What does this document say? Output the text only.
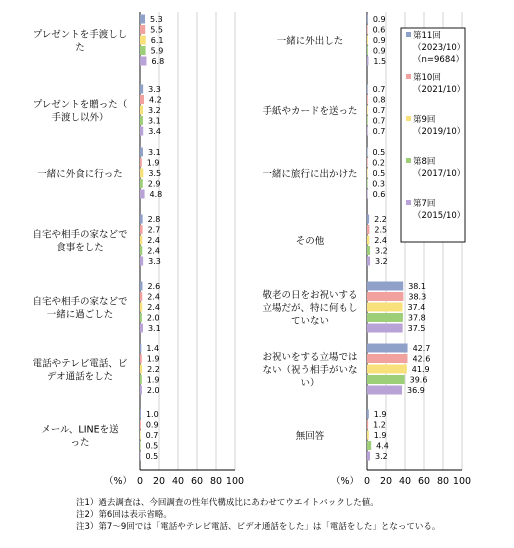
0 20 40 60 80 100
（%）
プレゼントを手渡しし
た
5.3
5.5
6.1
5.9
6.8
プレゼントを贈った（
手渡し以外）
3.3
4.2
3.2
3.1
3.4
一緒に外食に行った
3.1
1.9
3.5
2.9
4.8
自宅や相手の家などで
食事をした
2.8
2.7
2.4
2.4
3.3
自宅や相手の家などで
一緒に過ごした
2.6
2.4
2.4
2.0
3.1
電話やテレビ電話、ビ
デオ通話をした
1.4
1.9
2.2
1.9
2.0
メール、LINEを送
った
1.0
0.9
0.7
0.5
0.5
0 20 40 60 80 100
（%）
一緒に外出した
0.9
0.6
0.9
0.9
1.5
手紙やカードを送った
0.7
0.8
0.7
0.7
0.7
一緒に旅行に出かけた
0.5
0.2
0.5
0.3
0.6
その他
2.2
2.5
2.4
3.2
3.2
敬老の日をお祝いする
立場だが、特に何もし
ていない
38.1
38.3
37.4
37.8
37.5
お祝いをする立場では
ない（祝う相手がいな
い）
42.7
42.6
41.9
39.6
36.9
無回答
1.9
1.2
1.9
4.4
3.2
第11回
（2023/10）
（n=9684）
第10回
（2021/10）
第9回
（2019/10）
第8回
（2017/10）
第7回
（2015/10）
注1）過去調査は、今回調査の性年代構成比にあわせてウエイトバックした値。
注2）第6回は表示省略。
注3）第7～9回では「電話やテレビ電話、ビデオ通話をした」は「電話をした」となっている。
